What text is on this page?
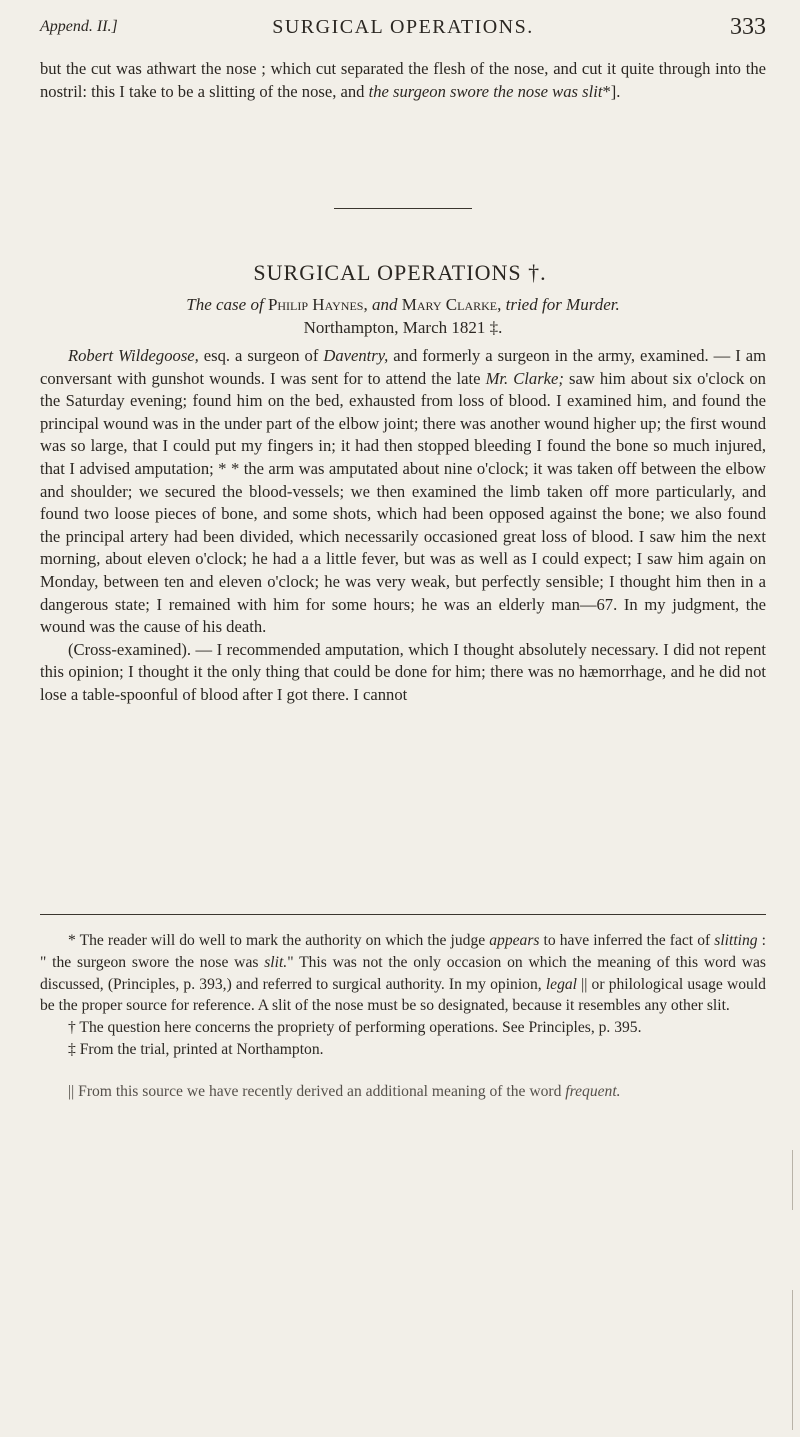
Append. II.]	SURGICAL OPERATIONS.	333
but the cut was athwart the nose ; which cut separated the flesh of the nose, and cut it quite through into the nostril: this I take to be a slitting of the nose, and the surgeon swore the nose was slit*].
SURGICAL OPERATIONS †.
The case of Philip Haynes, and Mary Clarke, tried for Murder.
Northampton, March 1821 ‡.

Robert Wildegoose, esq. a surgeon of Daventry, and formerly a surgeon in the army, examined. — I am conversant with gunshot wounds. I was sent for to attend the late Mr. Clarke; saw him about six o'clock on the Saturday evening; found him on the bed, exhausted from loss of blood. I examined him, and found the principal wound was in the under part of the elbow joint; there was another wound higher up; the first wound was so large, that I could put my fingers in; it had then stopped bleeding I found the bone so much injured, that I advised amputation; * * the arm was amputated about nine o'clock; it was taken off between the elbow and shoulder; we secured the blood-vessels; we then examined the limb taken off more particularly, and found two loose pieces of bone, and some shots, which had been opposed against the bone; we also found the principal artery had been divided, which necessarily occasioned great loss of blood. I saw him the next morning, about eleven o'clock; he had a a little fever, but was as well as I could expect; I saw him again on Monday, between ten and eleven o'clock; he was very weak, but perfectly sensible; I thought him then in a dangerous state; I remained with him for some hours; he was an elderly man—67. In my judgment, the wound was the cause of his death.

(Cross-examined). — I recommended amputation, which I thought absolutely necessary. I did not repent this opinion; I thought it the only thing that could be done for him; there was no hæmorrhage, and he did not lose a table-spoonful of blood after I got there. I cannot

* The reader will do well to mark the authority on which the judge appears to have inferred the fact of slitting : " the surgeon swore the nose was slit." This was not the only occasion on which the meaning of this word was discussed, (Principles, p. 393,) and referred to surgical authority. In my opinion, legal || or philological usage would be the proper source for reference. A slit of the nose must be so designated, because it resembles any other slit.

† The question here concerns the propriety of performing operations. See Principles, p. 395.

‡ From the trial, printed at Northampton.

|| From this source we have recently derived an additional meaning of the word frequent.
